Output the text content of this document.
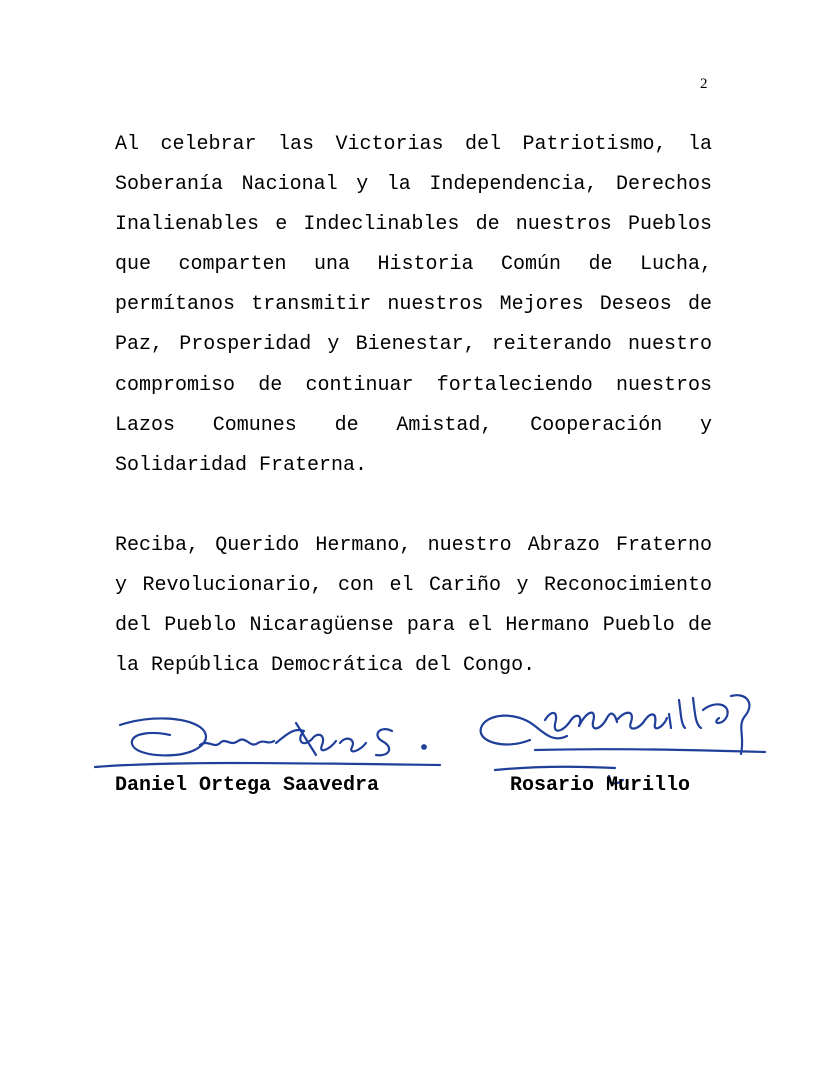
2

Al celebrar las Victorias del Patriotismo, la Soberanía Nacional y la Independencia, Derechos Inalienables e Indeclinables de nuestros Pueblos que comparten una Historia Común de Lucha, permítanos transmitir nuestros Mejores Deseos de Paz, Prosperidad y Bienestar, reiterando nuestro compromiso de continuar fortaleciendo nuestros Lazos Comunes de Amistad, Cooperación y Solidaridad Fraterna.

Reciba, Querido Hermano, nuestro Abrazo Fraterno y Revolucionario, con el Cariño y Reconocimiento del Pueblo Nicaragüense para el Hermano Pueblo de la República Democrática del Congo.

Daniel Ortega Saavedra	Rosario Murillo
